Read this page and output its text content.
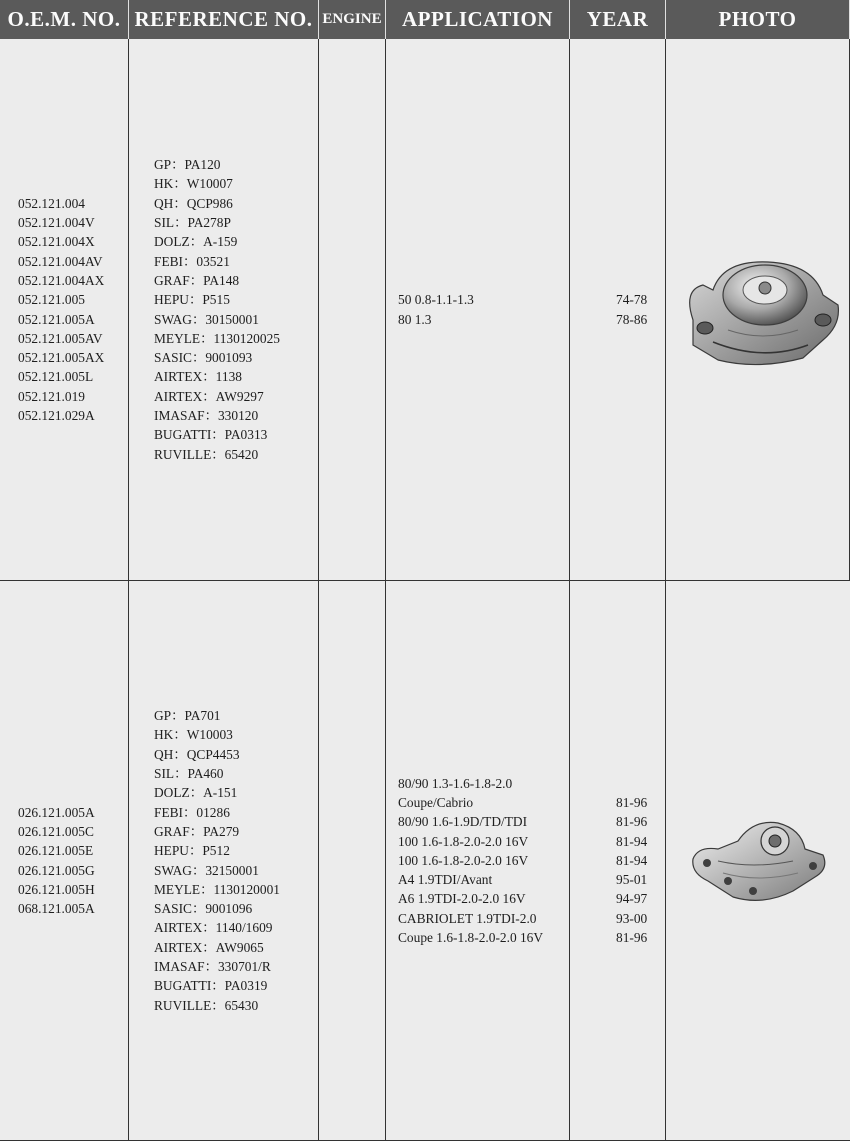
O.E.M. NO. REFERENCE NO. ENGINE APPLICATION	YEAR	PHOTO
052.121.004
052.121.004V
052.121.004X
052.121.004AV
052.121.004AX
052.121.005
052.121.005A
052.121.005AV
052.121.005AX
052.121.005L
052.121.019
052.121.029A
GP：PA120
HK：W10007
QH：QCP986
SIL：PA278P
DOLZ：A-159
FEBI：03521
GRAF：PA148
HEPU：P515
SWAG：30150001
MEYLE：1130120025
SASIC：9001093
AIRTEX：1138
AIRTEX：AW9297
IMASAF：330120
BUGATTI：PA0313
RUVILLE：65420
50 0.8-1.1-1.3
80 1.3
74-78
78-86
026.121.005A
026.121.005C
026.121.005E
026.121.005G
026.121.005H
068.121.005A
GP：PA701
HK：W10003
QH：QCP4453
SIL：PA460
DOLZ：A-151
FEBI：01286
GRAF：PA279
HEPU：P512
SWAG：32150001
MEYLE：1130120001
SASIC：9001096
AIRTEX：1140/1609
AIRTEX：AW9065
IMASAF：330701/R
BUGATTI：PA0319
RUVILLE：65430
80/90 1.3-1.6-1.8-2.0
Coupe/Cabrio
80/90 1.6-1.9D/TD/TDI
100 1.6-1.8-2.0-2.0 16V
100 1.6-1.8-2.0-2.0 16V
A4 1.9TDI/Avant
A6 1.9TDI-2.0-2.0 16V
CABRIOLET 1.9TDI-2.0
Coupe 1.6-1.8-2.0-2.0 16V

81-96
81-96
81-94
81-94
95-01
94-97
93-00
81-96
